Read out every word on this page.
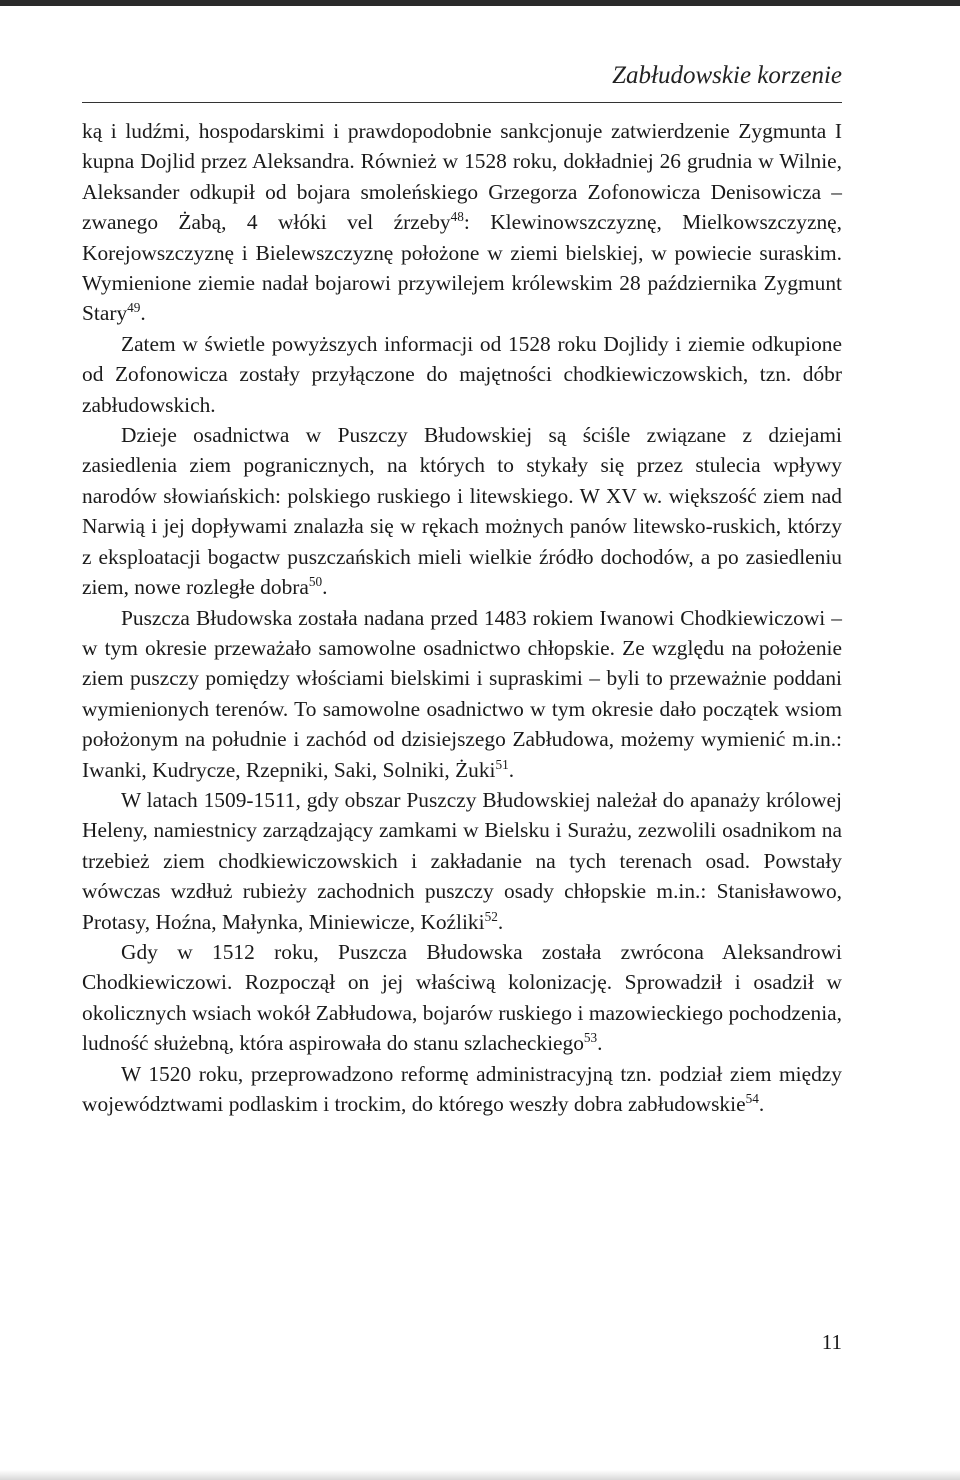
Zabłudowskie korzenie

ką i ludźmi, hospodarskimi i prawdopodobnie sankcjonuje zatwierdzenie Zygmunta I kupna Dojlid przez Aleksandra. Również w 1528 roku, dokładniej 26 grudnia w Wilnie, Aleksander odkupił od bojara smoleńskiego Grzegorza Zofonowicza Denisowicza – zwanego Żabą, 4 włóki vel źrzeby$^{48}$: Klewinowszczyznę, Mielkowszczyznę, Korejowszczyznę i Bielewszczyznę położone w ziemi bielskiej, w powiecie suraskim. Wymienione ziemie nadał bojarowi przywilejem królewskim 28 października Zygmunt Stary$^{49}$.

Zatem w świetle powyższych informacji od 1528 roku Dojlidy i ziemie odkupione od Zofonowicza zostały przyłączone do majętności chodkiewiczowskich, tzn. dóbr zabłudowskich.

Dzieje osadnictwa w Puszczy Błudowskiej są ściśle związane z dziejami zasiedlenia ziem pogranicznych, na których to stykały się przez stulecia wpływy narodów słowiańskich: polskiego ruskiego i litewskiego. W XV w. większość ziem nad Narwią i jej dopływami znalazła się w rękach możnych panów litewsko-ruskich, którzy z eksploatacji bogactw puszczańskich mieli wielkie źródło dochodów, a po zasiedleniu ziem, nowe rozległe dobra$^{50}$.

Puszcza Błudowska została nadana przed 1483 rokiem Iwanowi Chodkiewiczowi – w tym okresie przeważało samowolne osadnictwo chłopskie. Ze względu na położenie ziem puszczy pomiędzy włościami bielskimi i supraskimi – byli to przeważnie poddani wymienionych terenów. To samowolne osadnictwo w tym okresie dało początek wsiom położonym na południe i zachód od dzisiejszego Zabłudowa, możemy wymienić m.in.: Iwanki, Kudrycze, Rzepniki, Saki, Solniki, Żuki$^{51}$.

W latach 1509-1511, gdy obszar Puszczy Błudowskiej należał do apanaży królowej Heleny, namiestnicy zarządzający zamkami w Bielsku i Surażu, zezwolili osadnikom na trzebież ziem chodkiewiczowskich i zakładanie na tych terenach osad. Powstały wówczas wzdłuż rubieży zachodnich puszczy osady chłopskie m.in.: Stanisławowo, Protasy, Hoźna, Małynka, Miniewicze, Koźliki$^{52}$.

Gdy w 1512 roku, Puszcza Błudowska została zwrócona Aleksandrowi Chodkiewiczowi. Rozpoczął on jej właściwą kolonizację. Sprowadził i osadził w okolicznych wsiach wokół Zabłudowa, bojarów ruskiego i mazowieckiego pochodzenia, ludność służebną, która aspirowała do stanu szlacheckiego$^{53}$.

W 1520 roku, przeprowadzono reformę administracyjną tzn. podział ziem między województwami podlaskim i trockim, do którego weszły dobra zabłudowskie$^{54}$.

11
